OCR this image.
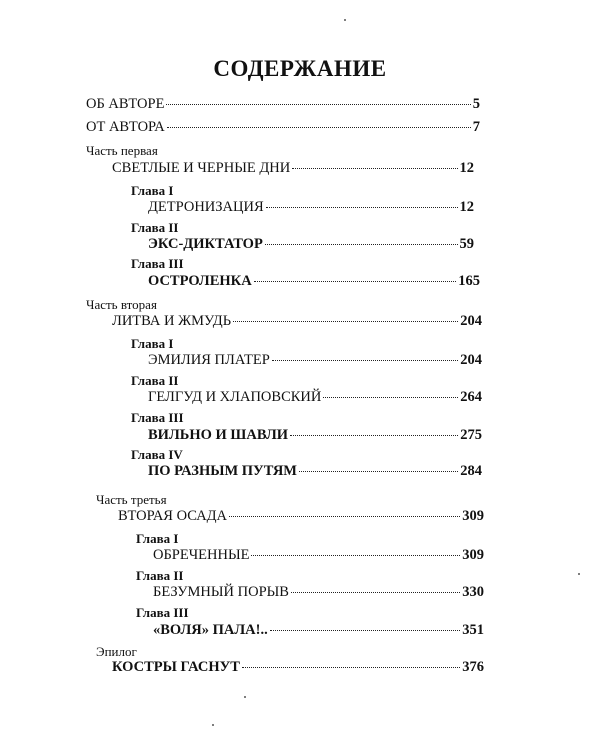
СОДЕРЖАНИЕ
ОБ АВТОРЕ	5
ОТ АВТОРА	7
Часть первая
СВЕТЛЫЕ И ЧЕРНЫЕ ДНИ	12
Глава I
ДЕТРОНИЗАЦИЯ	12
Глава II
ЭКС-ДИКТАТОР	59
Глава III
ОСТРОЛЕНКА	165
Часть вторая
ЛИТВА И ЖМУДЬ	204
Глава I
ЭМИЛИЯ ПЛАТЕР	204
Глава II
ГЕЛГУД И ХЛАПОВСКИЙ	264
Глава III
ВИЛЬНО И ШАВЛИ	275
Глава IV
ПО РАЗНЫМ ПУТЯМ	284
Часть третья
ВТОРАЯ ОСАДА	309
Глава I
ОБРЕЧЕННЫЕ	309
Глава II
БЕЗУМНЫЙ ПОРЫВ	330
Глава III
«ВОЛЯ» ПАЛА!..	351
Эпилог
КОСТРЫ ГАСНУТ	376
